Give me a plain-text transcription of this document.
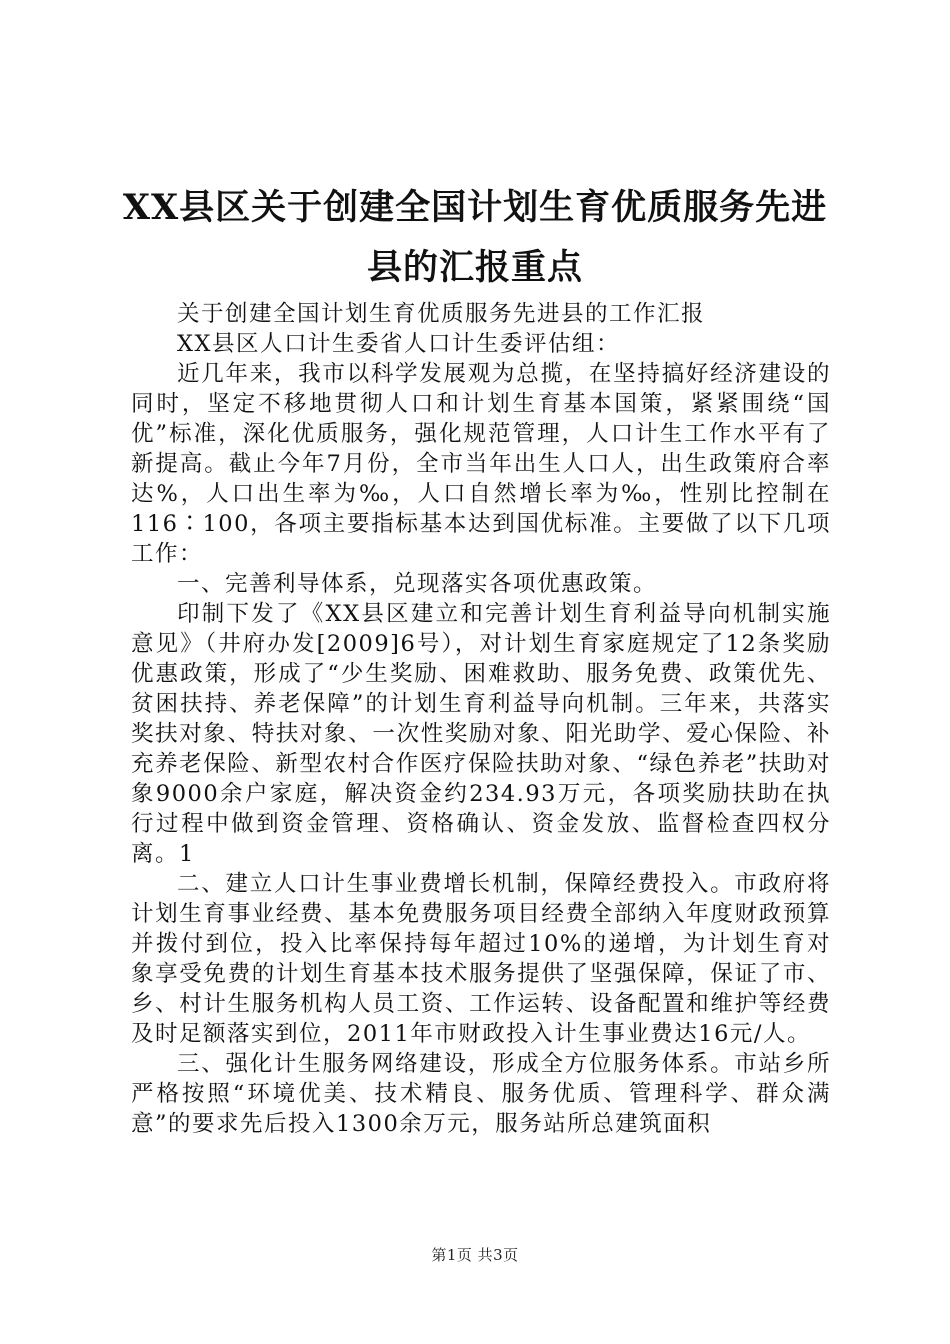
XX县区关于创建全国计划生育优质服务先进
县的汇报重点

关于创建全国计划生育优质服务先进县的工作汇报

XX县区人口计生委省人口计生委评估组：

近几年来，我市以科学发展观为总揽，在坚持搞好经济建设的同时，坚定不移地贯彻人口和计划生育基本国策，紧紧围绕“国优”标准，深化优质服务，强化规范管理，人口计生工作水平有了新提高。截止今年7月份，全市当年出生人口人，出生政策府合率达%，人口出生率为‰，人口自然增长率为‰，性别比控制在116∶100，各项主要指标基本达到国优标准。主要做了以下几项工作：

一、完善利导体系，兑现落实各项优惠政策。

印制下发了《XX县区建立和完善计划生育利益导向机制实施意见》（井府办发[2009]6号），对计划生育家庭规定了12条奖励优惠政策，形成了“少生奖励、困难救助、服务免费、政策优先、贫困扶持、养老保障”的计划生育利益导向机制。三年来，共落实奖扶对象、特扶对象、一次性奖励对象、阳光助学、爱心保险、补充养老保险、新型农村合作医疗保险扶助对象、“绿色养老”扶助对象9000余户家庭，解决资金约234.93万元，各项奖励扶助在执行过程中做到资金管理、资格确认、资金发放、监督检查四权分离。1

二、建立人口计生事业费增长机制，保障经费投入。市政府将计划生育事业经费、基本免费服务项目经费全部纳入年度财政预算并拨付到位，投入比率保持每年超过10%的递增，为计划生育对象享受免费的计划生育基本技术服务提供了坚强保障，保证了市、乡、村计生服务机构人员工资、工作运转、设备配置和维护等经费及时足额落实到位，2011年市财政投入计生事业费达16元/人。

三、强化计生服务网络建设，形成全方位服务体系。市站乡所严格按照“环境优美、技术精良、服务优质、管理科学、群众满意”的要求先后投入1300余万元，服务站所总建筑面积

第1页 共3页
